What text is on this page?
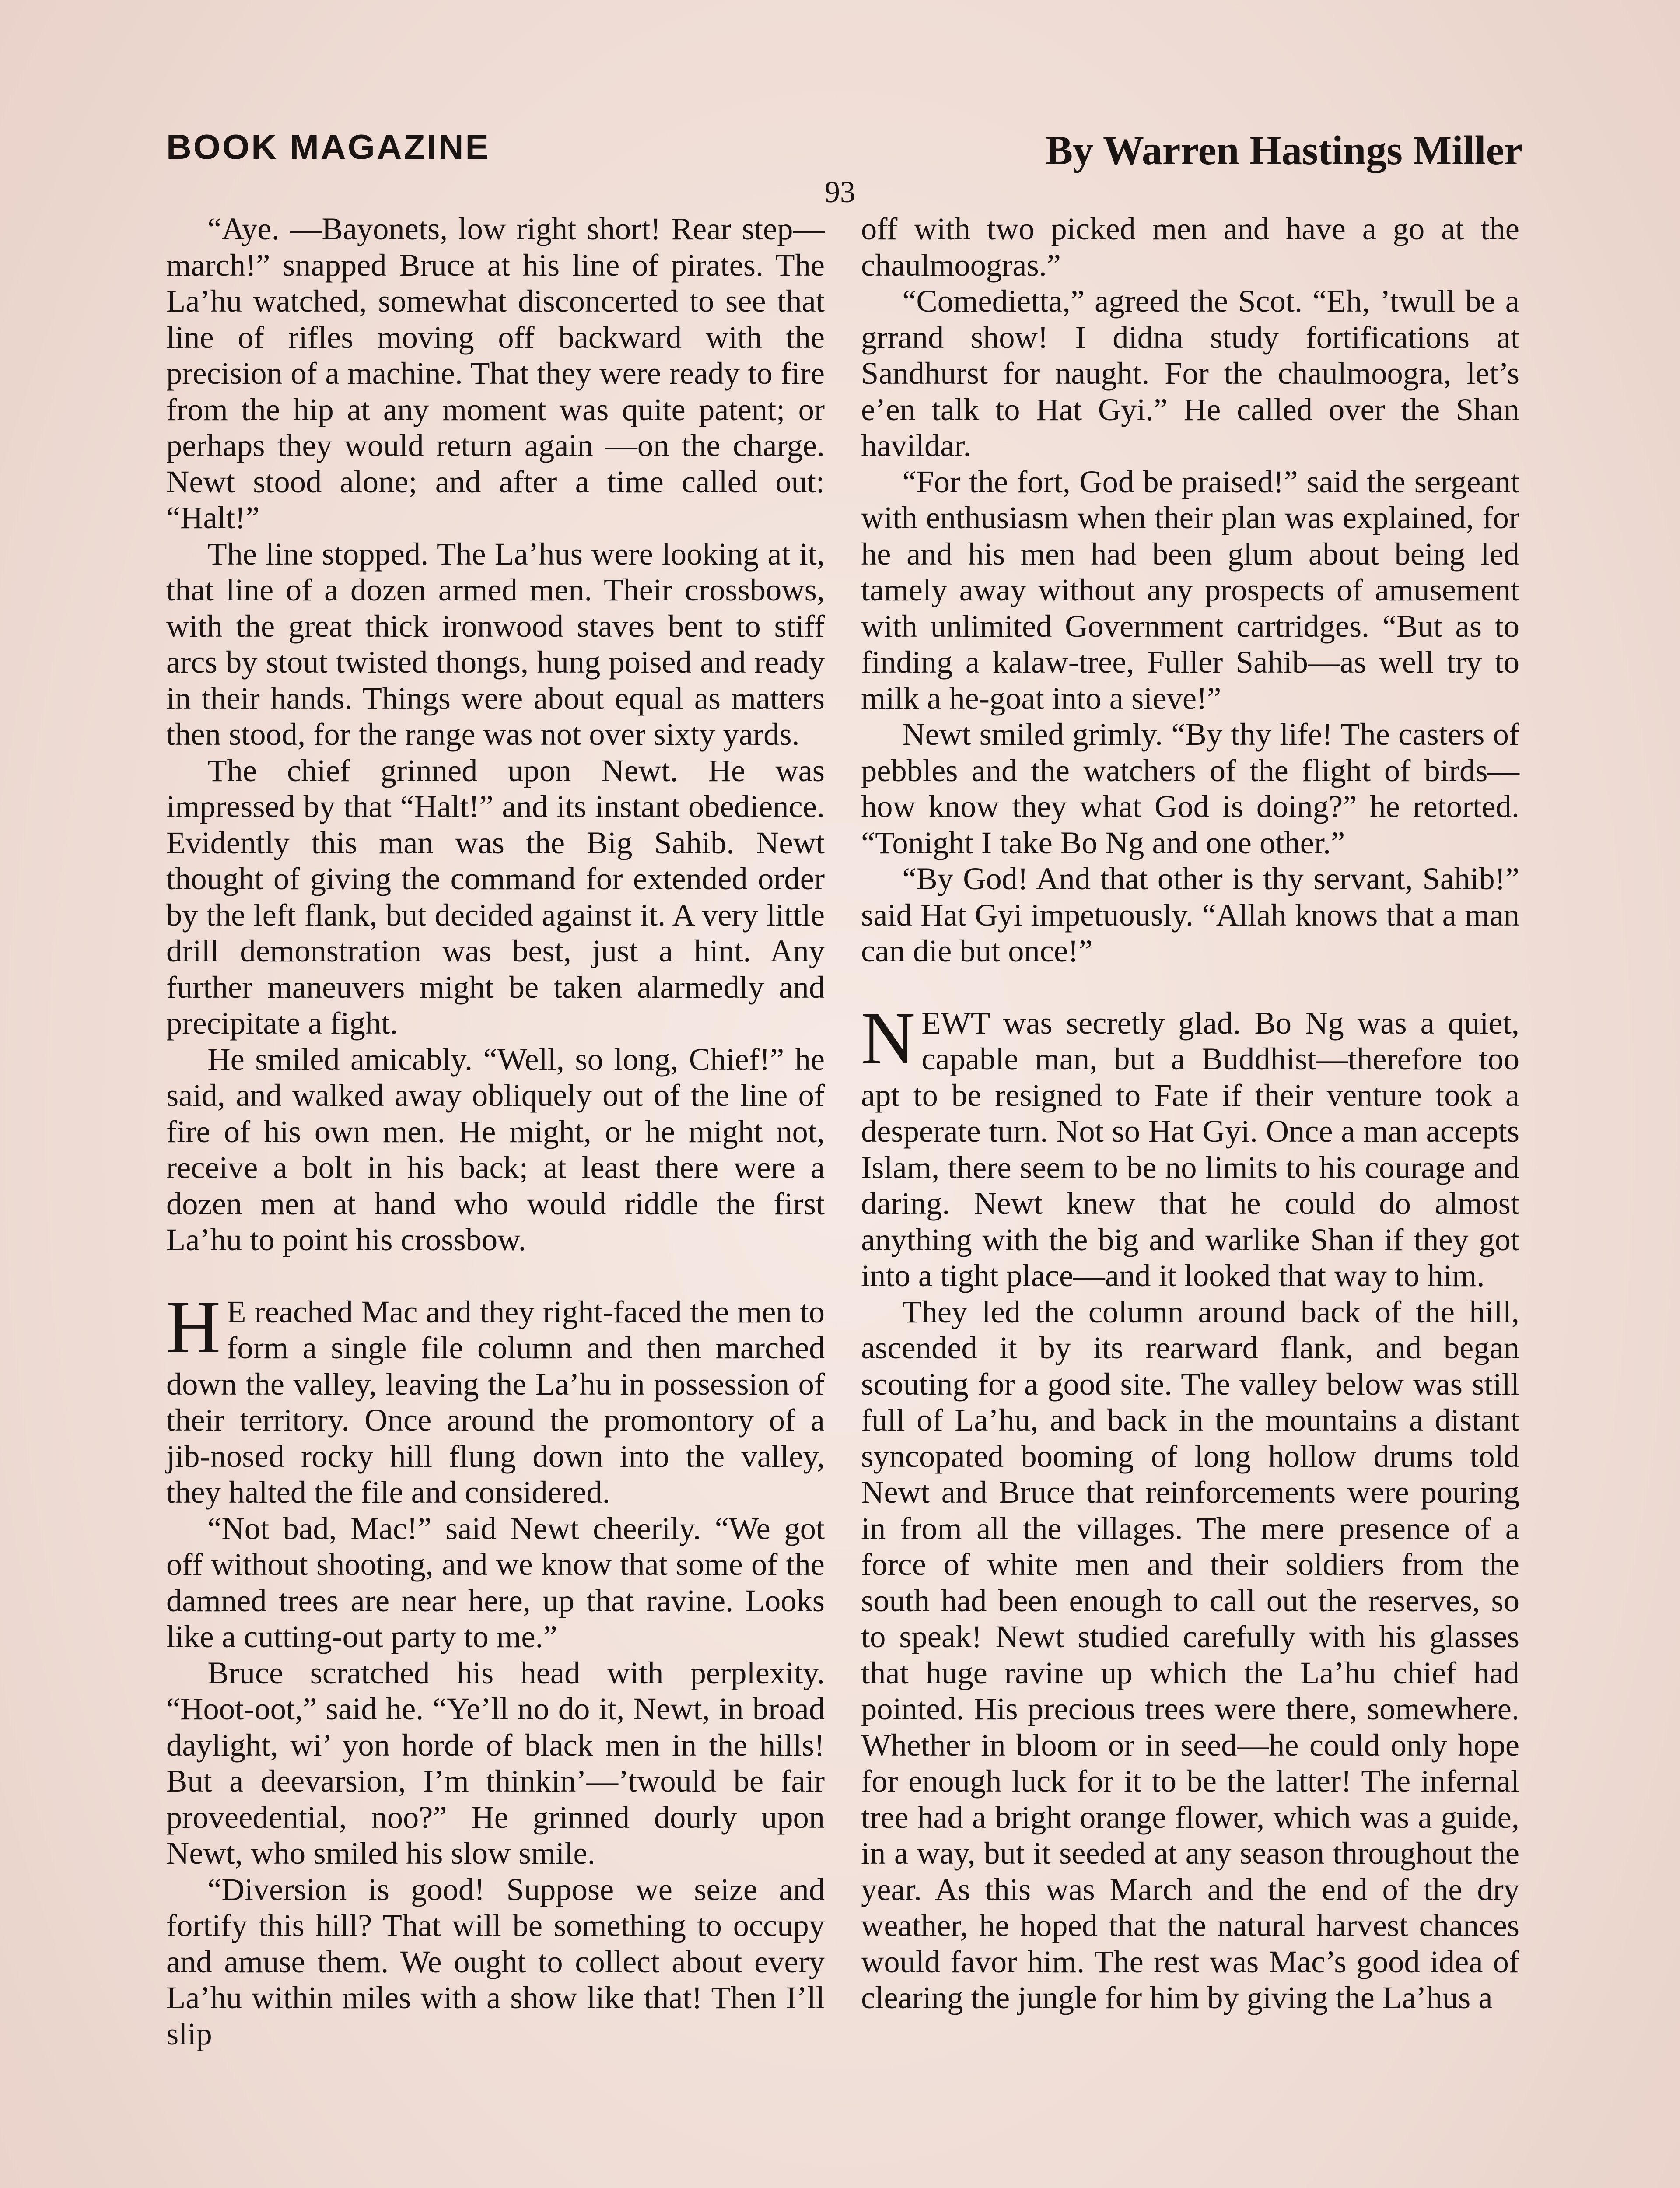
BOOK MAGAZINE	By Warren Hastings Miller
93

“Aye. —Bayonets, low right short! Rear step—march!” snapped Bruce at his line of pirates. The La’hu watched, somewhat disconcerted to see that line of rifles moving off backward with the precision of a machine. That they were ready to fire from the hip at any moment was quite patent; or perhaps they would return again —on the charge. Newt stood alone; and after a time called out: “Halt!”

The line stopped. The La’hus were looking at it, that line of a dozen armed men. Their crossbows, with the great thick ironwood staves bent to stiff arcs by stout twisted thongs, hung poised and ready in their hands. Things were about equal as matters then stood, for the range was not over sixty yards.

The chief grinned upon Newt. He was impressed by that “Halt!” and its instant obedience. Evidently this man was the Big Sahib. Newt thought of giving the command for extended order by the left flank, but decided against it. A very little drill demonstration was best, just a hint. Any further maneuvers might be taken alarmedly and precipitate a fight.

He smiled amicably. “Well, so long, Chief!” he said, and walked away obliquely out of the line of fire of his own men. He might, or he might not, receive a bolt in his back; at least there were a dozen men at hand who would riddle the first La’hu to point his crossbow.

H E reached Mac and they right-faced the men to form a single file column and then marched down the valley, leaving the La’hu in possession of their territory. Once around the promontory of a jib-nosed rocky hill flung down into the valley, they halted the file and considered.

“Not bad, Mac!” said Newt cheerily. “We got off without shooting, and we know that some of the damned trees are near here, up that ravine. Looks like a cutting-out party to me.”

Bruce scratched his head with perplexity. “Hoot-oot,” said he. “Ye’ll no do it, Newt, in broad daylight, wi’ yon horde of black men in the hills! But a deevarsion, I’m thinkin’—’twould be fair proveedential, noo?” He grinned dourly upon Newt, who smiled his slow smile.

“Diversion is good! Suppose we seize and fortify this hill? That will be something to occupy and amuse them. We ought to collect about every La’hu within miles with a show like that! Then I’ll slip

off with two picked men and have a go at the chaulmoogras.”

“Comedietta,” agreed the Scot. “Eh, ’twull be a grrand show! I didna study fortifications at Sandhurst for naught. For the chaulmoogra, let’s e’en talk to Hat Gyi.” He called over the Shan havildar.

“For the fort, God be praised!” said the sergeant with enthusiasm when their plan was explained, for he and his men had been glum about being led tamely away without any prospects of amusement with unlimited Government cartridges. “But as to finding a kalaw-tree, Fuller Sahib—as well try to milk a he-goat into a sieve!”

Newt smiled grimly. “By thy life! The casters of pebbles and the watchers of the flight of birds—how know they what God is doing?” he retorted. “Tonight I take Bo Ng and one other.”

“By God! And that other is thy servant, Sahib!” said Hat Gyi impetuously. “Allah knows that a man can die but once!”

NEWT was secretly glad. Bo Ng was a quiet, capable man, but a Buddhist—therefore too apt to be resigned to Fate if their venture took a desperate turn. Not so Hat Gyi. Once a man accepts Islam, there seem to be no limits to his courage and daring. Newt knew that he could do almost anything with the big and warlike Shan if they got into a tight place—and it looked that way to him.

They led the column around back of the hill, ascended it by its rearward flank, and began scouting for a good site. The valley below was still full of La’hu, and back in the mountains a distant syncopated booming of long hollow drums told Newt and Bruce that reinforcements were pouring in from all the villages. The mere presence of a force of white men and their soldiers from the south had been enough to call out the reserves, so to speak! Newt studied carefully with his glasses that huge ravine up which the La’hu chief had pointed. His precious trees were there, somewhere. Whether in bloom or in seed—he could only hope for enough luck for it to be the latter! The infernal tree had a bright orange flower, which was a guide, in a way, but it seeded at any season throughout the year. As this was March and the end of the dry weather, he hoped that the natural harvest chances would favor him. The rest was Mac’s good idea of clearing the jungle for him by giving the La’hus a
